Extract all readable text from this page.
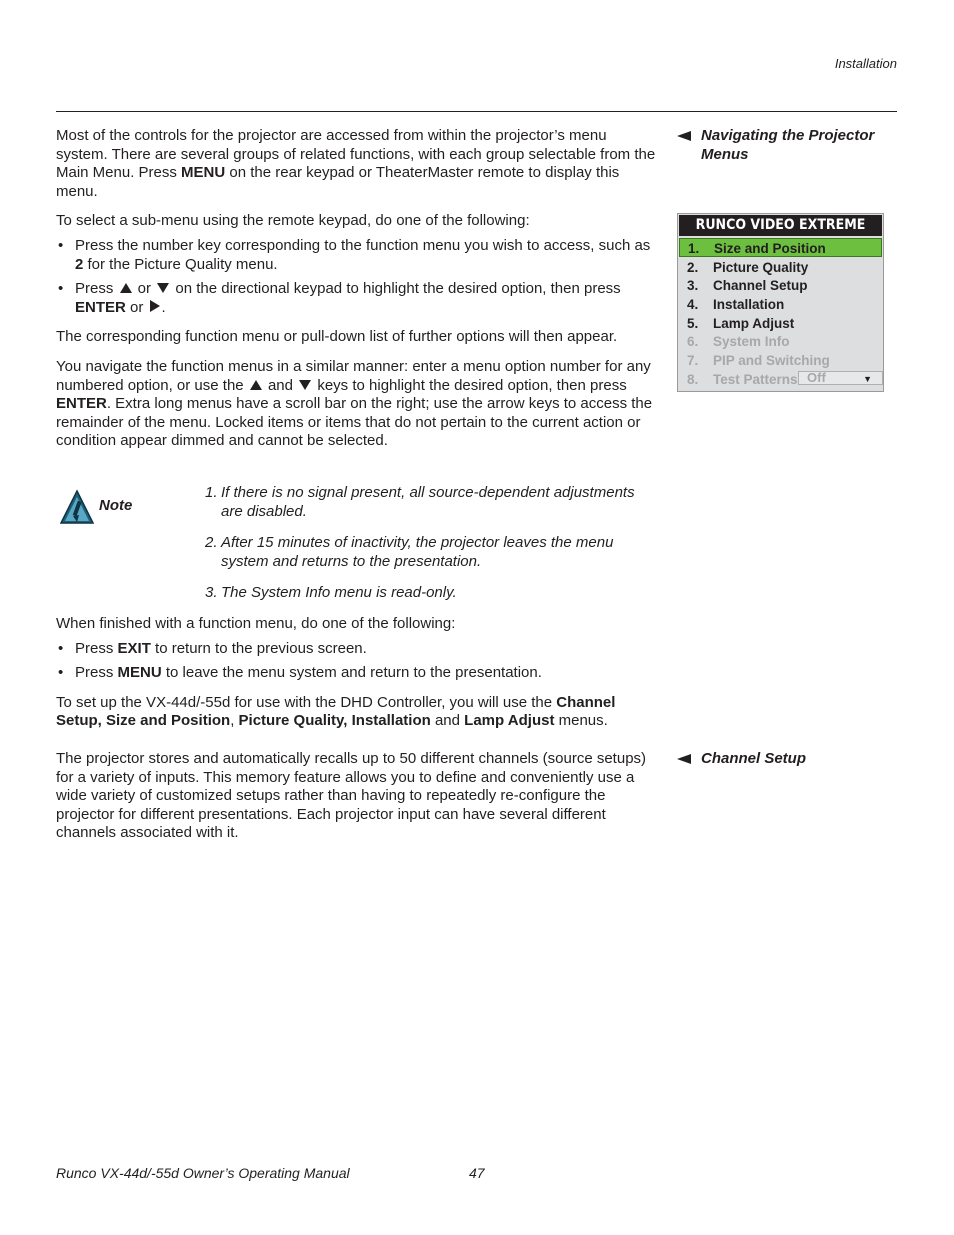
Installation
Navigating the Projector Menus

Most of the controls for the projector are accessed from within the projector’s menu system. There are several groups of related functions, with each group selectable from the Main Menu. Press MENU on the rear keypad or TheaterMaster remote to display this menu.

To select a sub-menu using the remote keypad, do one of the following:

• Press the number key corresponding to the function menu you wish to access, such as 2 for the Picture Quality menu.

• Press  or  on the directional keypad to highlight the desired option, then press ENTER or .

The corresponding function menu or pull-down list of further options will then appear.

You navigate the function menus in a similar manner: enter a menu option number for any numbered option, or use the  and  keys to highlight the desired option, then press ENTER. Extra long menus have a scroll bar on the right; use the arrow keys to access the remainder of the menu. Locked items or items that do not pertain to the current action or condition appear dimmed and cannot be selected.

RUNCO VIDEO EXTREME
1. Size and Position
2. Picture Quality
3. Channel Setup
4. Installation
5. Lamp Adjust
6. System Info
7. PIP and Switching
8. Test Patterns Off	▼
Note
1. If there is no signal present, all source-dependent adjustments are disabled.
2. After 15 minutes of inactivity, the projector leaves the menu system and returns to the presentation.
3. The System Info menu is read-only.

When finished with a function menu, do one of the following:

• Press EXIT to return to the previous screen.

• Press MENU to leave the menu system and return to the presentation.

To set up the VX-44d/-55d for use with the DHD Controller, you will use the Channel Setup, Size and Position, Picture Quality, Installation and Lamp Adjust menus.

Channel Setup
The projector stores and automatically recalls up to 50 different channels (source setups) for a variety of inputs. This memory feature allows you to define and conveniently use a wide variety of customized setups rather than having to repeatedly re-configure the projector for different presentations. Each projector input can have several different channels associated with it.
Runco VX-44d/-55d Owner’s Operating Manual	47
